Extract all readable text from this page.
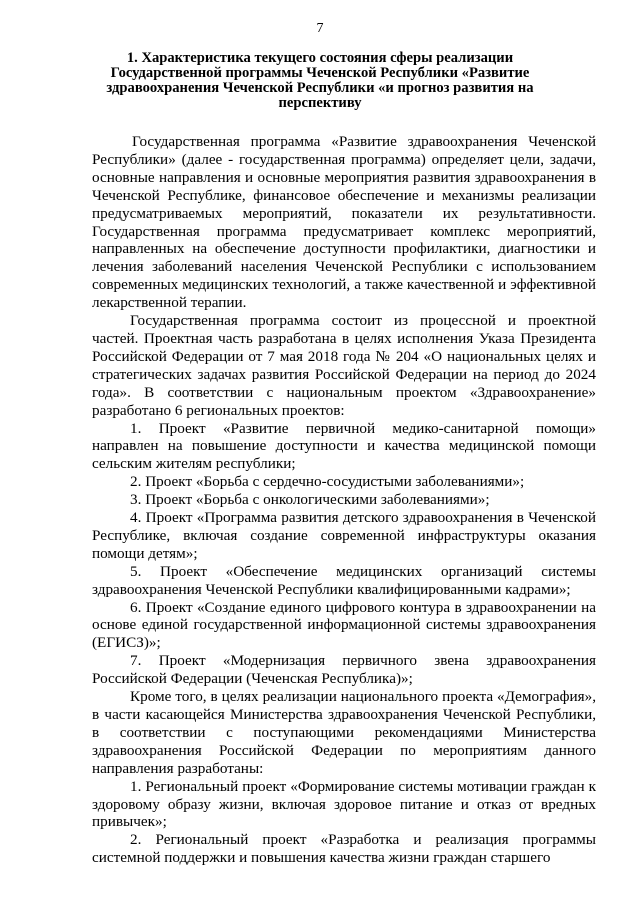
7
1. Характеристика текущего состояния сферы реализации Государственной программы Чеченской Республики «Развитие здравоохранения Чеченской Республики «и прогноз развития на перспективу

Государственная программа «Развитие здравоохранения Чеченской Республики» (далее - государственная программа) определяет цели, задачи, основные направления и основные мероприятия развития здравоохранения в Чеченской Республике, финансовое обеспечение и механизмы реализации предусматриваемых мероприятий, показатели их результативности. Государственная программа предусматривает комплекс мероприятий, направленных на обеспечение доступности профилактики, диагностики и лечения заболеваний населения Чеченской Республики с использованием современных медицинских технологий, а также качественной и эффективной лекарственной терапии.

Государственная программа состоит из процессной и проектной частей. Проектная часть разработана в целях исполнения Указа Президента Российской Федерации от 7 мая 2018 года № 204 «О национальных целях и стратегических задачах развития Российской Федерации на период до 2024 года». В соответствии с национальным проектом «Здравоохранение» разработано 6 региональных проектов:

1. Проект «Развитие первичной медико-санитарной помощи» направлен на повышение доступности и качества медицинской помощи сельским жителям республики;

2. Проект «Борьба с сердечно-сосудистыми заболеваниями»;

3. Проект «Борьба с онкологическими заболеваниями»;

4. Проект «Программа развития детского здравоохранения в Чеченской Республике, включая создание современной инфраструктуры оказания помощи детям»;

5. Проект «Обеспечение медицинских организаций системы здравоохранения Чеченской Республики квалифицированными кадрами»;

6. Проект «Создание единого цифрового контура в здравоохранении на основе единой государственной информационной системы здравоохранения (ЕГИСЗ)»;

7. Проект «Модернизация первичного звена здравоохранения Российской Федерации (Чеченская Республика)»;

Кроме того, в целях реализации национального проекта «Демография», в части касающейся Министерства здравоохранения Чеченской Республики, в соответствии с поступающими рекомендациями Министерства здравоохранения Российской Федерации по мероприятиям данного направления разработаны:

1. Региональный проект «Формирование системы мотивации граждан к здоровому образу жизни, включая здоровое питание и отказ от вредных привычек»;

2. Региональный проект «Разработка и реализация программы системной поддержки и повышения качества жизни граждан старшего
